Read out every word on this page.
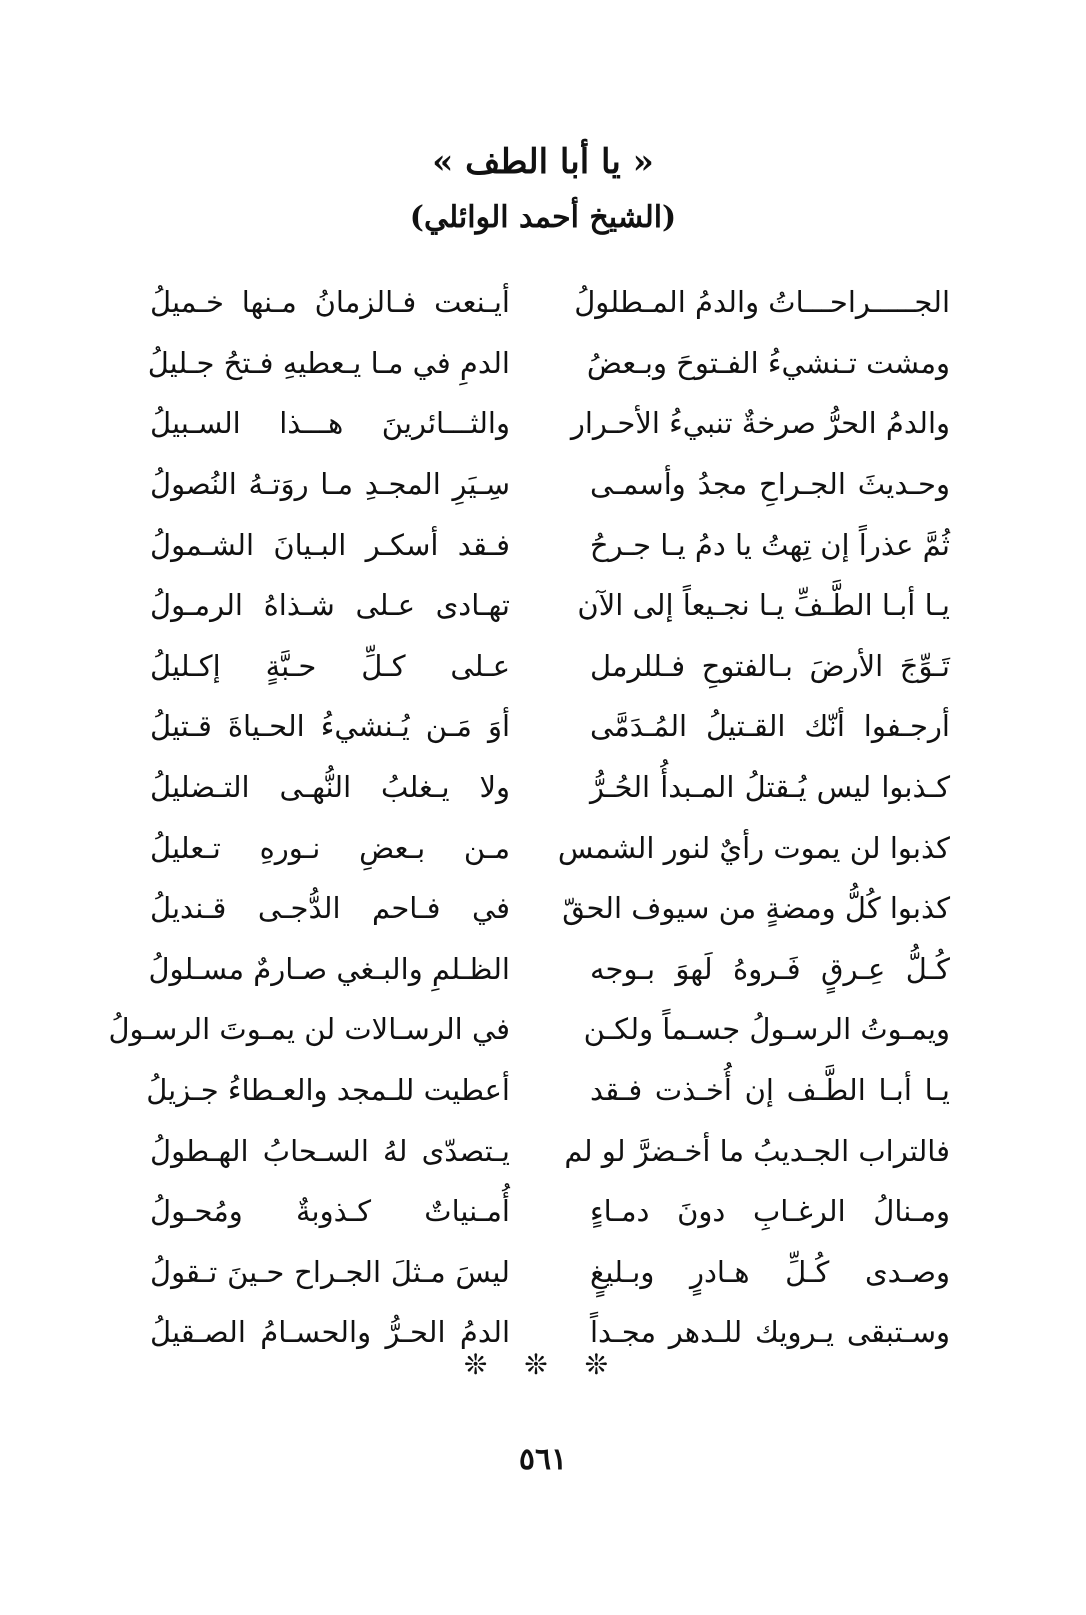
« يا أبا الطف »
(الشيخ أحمد الوائلي)
الجـــــراحـــاتُ والدمُ المـطلولُ
أيـنعت فـالزمانُ مـنها خـميلُ
ومشت تـنشيءُ الفـتوحَ وبـعضُ
الدمِ في مـا يـعطيهِ فـتحُ جـليلُ
والدمُ الحرُّ صرخةٌ تنبيءُ الأحـرار
والثـــائرينَ هـــذا السـبيلُ
وحـديثَ الجـراحِ مجدُ وأسمـى
سِـيَرِ المجـدِ مـا روَتـهُ النُصولُ
ثُمَّ عذراً إن تِهتُ يا دمُ يـا جـرحُ
فـقد أسكـر البـيانَ الشـمولُ
يـا أبـا الطَّـفِّ يـا نجـيعاً إلى الآن
تهـادى عـلى شـذاهُ الرمـولُ
تَـوِّجَ الأرضَ بـالفتوحِ فـللرمل
عـلى كـلِّ حـبَّةٍ إكـليلُ
أرجـفوا أنّك القـتيلُ المُـدَمَّى
أوَ مَـن يُـنشيءُ الحـياةَ قـتيلُ
كـذبوا ليس يُـقتلُ المـبدأُ الحُـرُّ
ولا يـغلبُ النُّهـى التـضليلُ
كذبوا لن يموت رأيٌ لنور الشمس
مـن بـعضِ نـورهِ تـعليلُ
كذبوا كُلُّ ومضةٍ من سيوف الحقّ
في فـاحم الدُّجـى قـنديلُ
كُـلُّ عِـرقٍ فَـروهُ لَهوَ بـوجه
الظـلمِ والبـغي صـارمٌ مسـلولُ
ويمـوتُ الرسـولُ جسـماً ولكـن
في الرسـالات لن يمـوتَ الرسـولُ
يـا أبـا الطَّـف إن أُخـذت فـقد
أعطيت للـمجد والعـطاءُ جـزيلُ
فالتراب الجـديبُ ما أخـضرَّ لو لم
يـتصدّى لهُ السـحابُ الهـطولُ
ومـنالُ الرغـابِ دونَ دمـاءٍ
أُمـنياتٌ كـذوبةٌ ومُحـولُ
وصـدى كُـلِّ هـادرٍ وبـليغٍ
ليسَ مـثلَ الجـراح حـينَ تـقولُ
وسـتبقى يـرويك للـدهر مجـداً
الدمُ الحـرُّ والحسـامُ الصـقيلُ
❊ ❊ ❊
٥٦١
